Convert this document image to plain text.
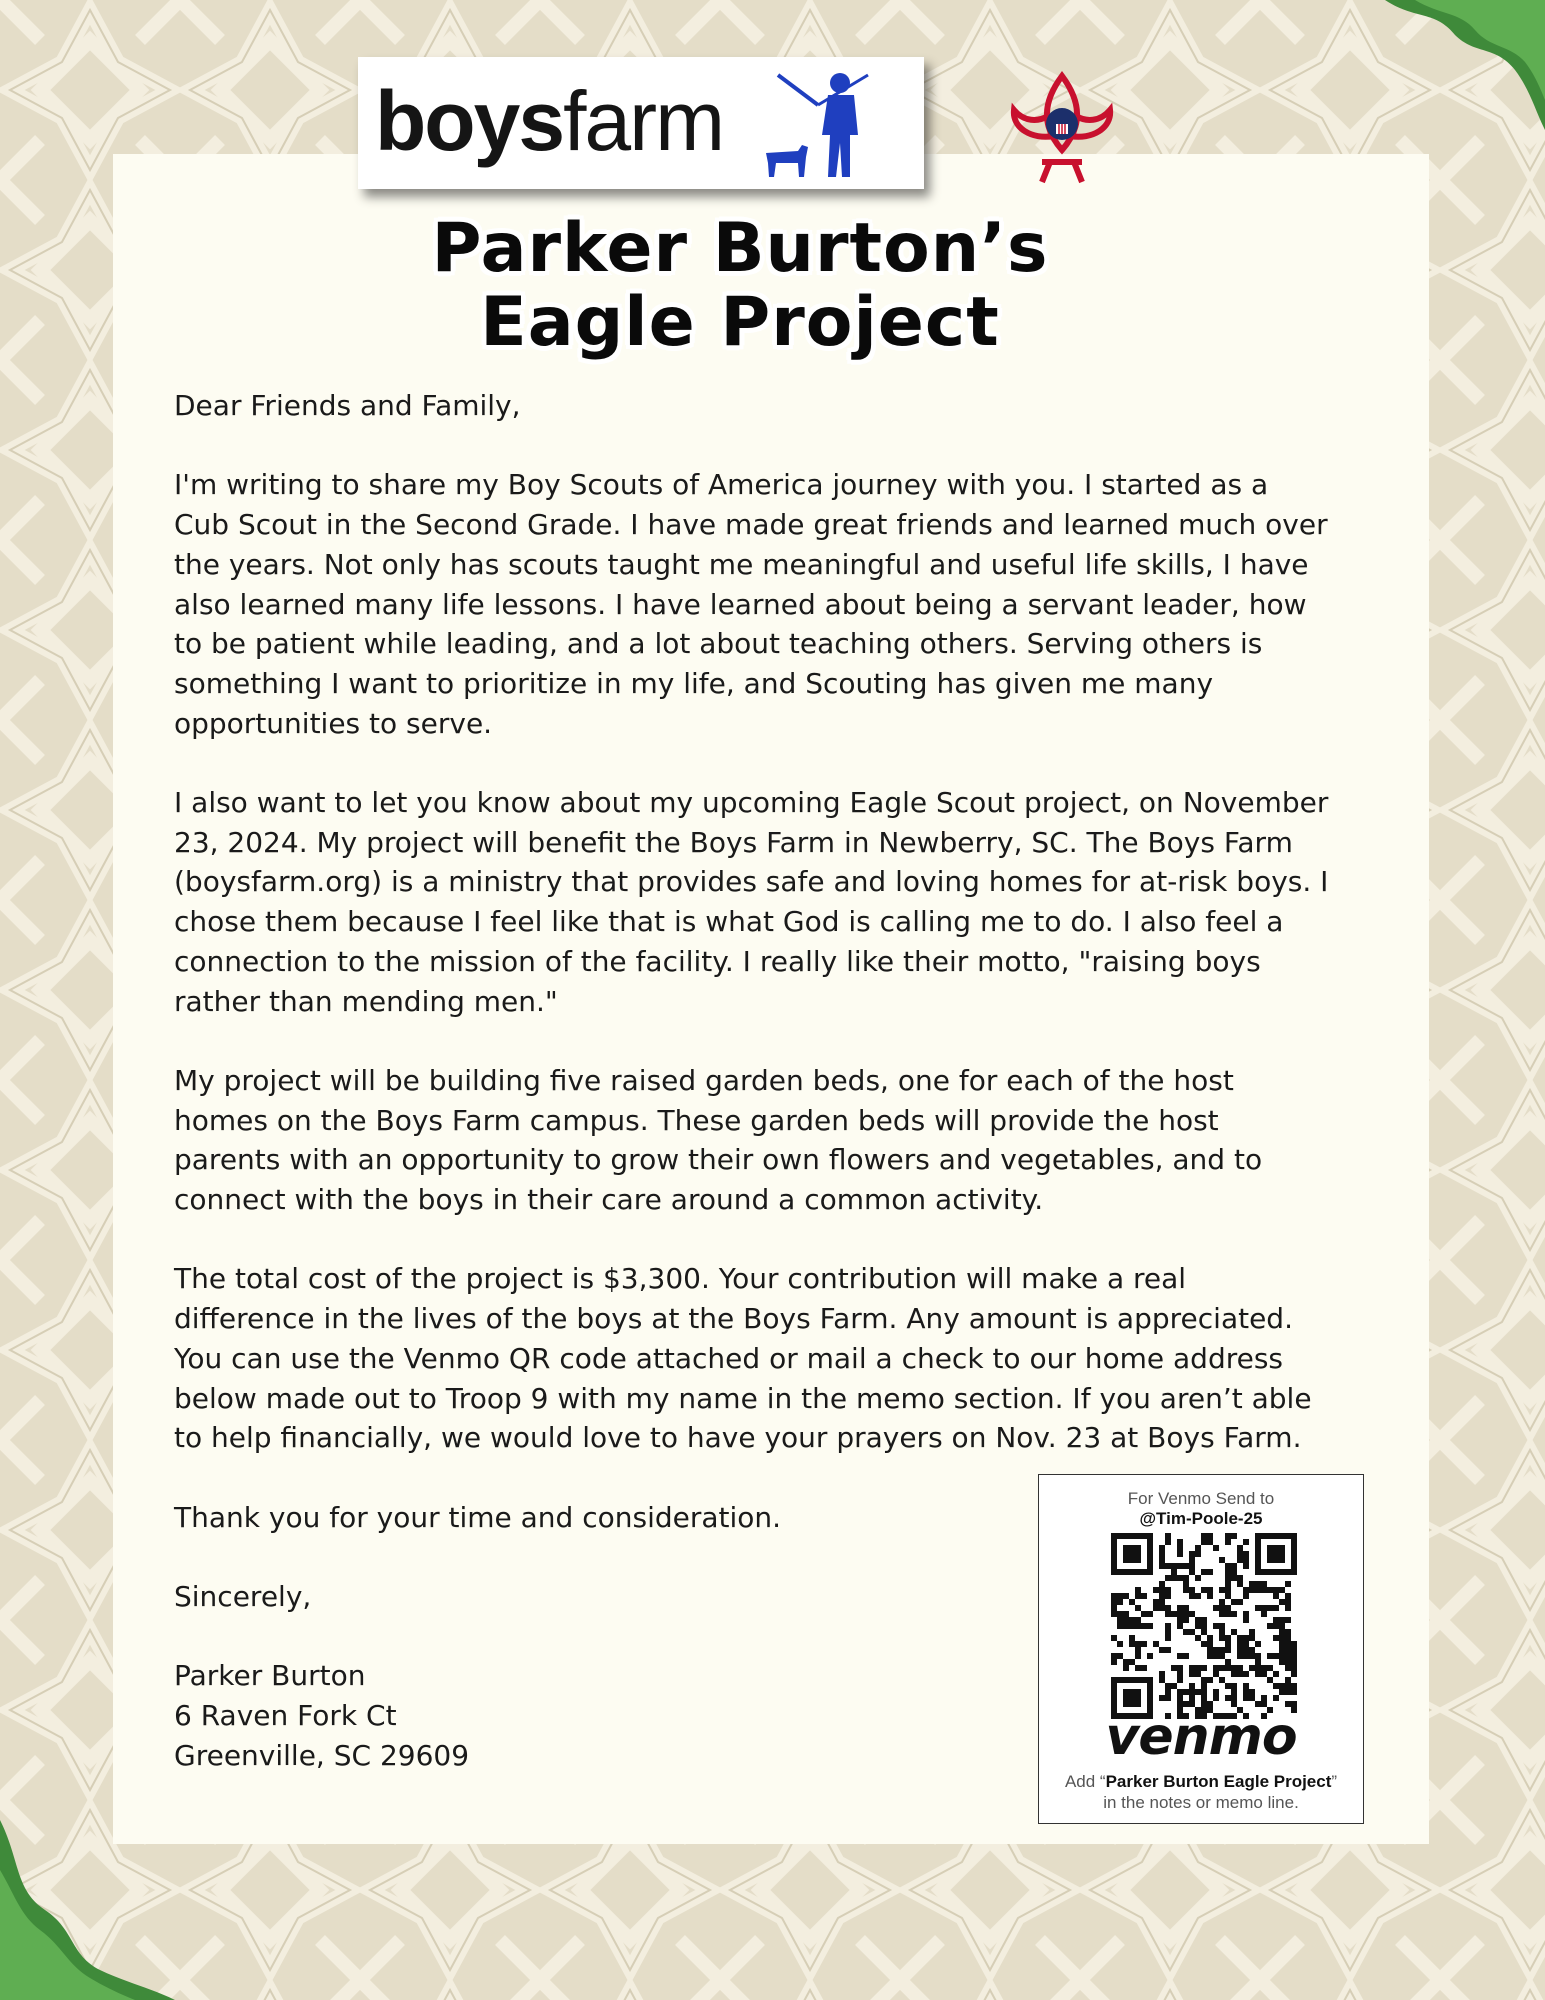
boysfarm
Parker Burton’s
Eagle Project

Dear Friends and Family,

I'm writing to share my Boy Scouts of America journey with you. I started as a
Cub Scout in the Second Grade. I have made great friends and learned much over
the years. Not only has scouts taught me meaningful and useful life skills, I have
also learned many life lessons. I have learned about being a servant leader, how
to be patient while leading, and a lot about teaching others. Serving others is
something I want to prioritize in my life, and Scouting has given me many
opportunities to serve.

I also want to let you know about my upcoming Eagle Scout project, on November
23, 2024. My project will benefit the Boys Farm in Newberry, SC. The Boys Farm
(boysfarm.org) is a ministry that provides safe and loving homes for at-risk boys. I
chose them because I feel like that is what God is calling me to do. I also feel a
connection to the mission of the facility. I really like their motto, "raising boys
rather than mending men."

My project will be building five raised garden beds, one for each of the host
homes on the Boys Farm campus. These garden beds will provide the host
parents with an opportunity to grow their own flowers and vegetables, and to
connect with the boys in their care around a common activity.

The total cost of the project is $3,300. Your contribution will make a real
difference in the lives of the boys at the Boys Farm. Any amount is appreciated.
You can use the Venmo QR code attached or mail a check to our home address
below made out to Troop 9 with my name in the memo section. If you aren’t able
to help financially, we would love to have your prayers on Nov. 23 at Boys Farm.

Thank you for your time and consideration.

Sincerely,

Parker Burton

6 Raven Fork Ct

Greenville, SC 29609

For Venmo Send to
@Tim-Poole-25
venmo
Add “Parker Burton Eagle Project”
in the notes or memo line.
